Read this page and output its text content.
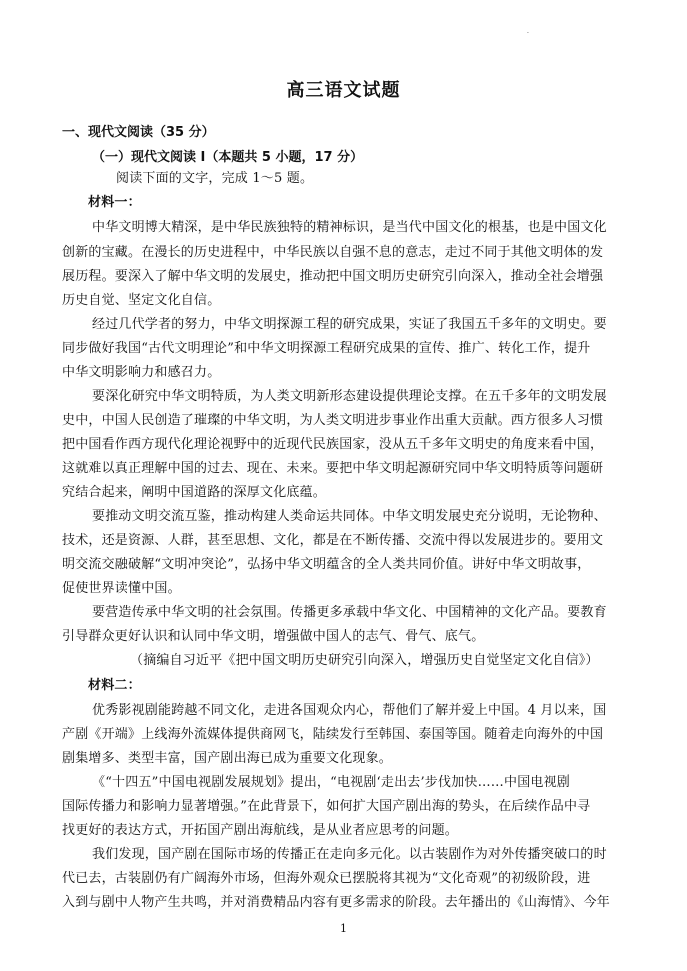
·
高三语文试题
一、现代文阅读（35 分）
（一）现代文阅读 I（本题共 5 小题，17 分）
阅读下面的文字，完成 1～5 题。
材料一：
中华文明博大精深，是中华民族独特的精神标识，是当代中国文化的根基，也是中国文化
创新的宝藏。在漫长的历史进程中，中华民族以自强不息的意志，走过不同于其他文明体的发
展历程。要深入了解中华文明的发展史，推动把中国文明历史研究引向深入，推动全社会增强
历史自觉、坚定文化自信。
经过几代学者的努力，中华文明探源工程的研究成果，实证了我国五千多年的文明史。要
同步做好我国“古代文明理论”和中华文明探源工程研究成果的宣传、推广、转化工作，提升
中华文明影响力和感召力。
要深化研究中华文明特质，为人类文明新形态建设提供理论支撑。在五千多年的文明发展
史中，中国人民创造了璀璨的中华文明，为人类文明进步事业作出重大贡献。西方很多人习惯
把中国看作西方现代化理论视野中的近现代民族国家，没从五千多年文明史的角度来看中国，
这就难以真正理解中国的过去、现在、未来。要把中华文明起源研究同中华文明特质等问题研
究结合起来，阐明中国道路的深厚文化底蕴。
要推动文明交流互鉴，推动构建人类命运共同体。中华文明发展史充分说明，无论物种、
技术，还是资源、人群，甚至思想、文化，都是在不断传播、交流中得以发展进步的。要用文
明交流交融破解“文明冲突论”，弘扬中华文明蕴含的全人类共同价值。讲好中华文明故事，
促使世界读懂中国。
要营造传承中华文明的社会氛围。传播更多承载中华文化、中国精神的文化产品。要教育
引导群众更好认识和认同中华文明，增强做中国人的志气、骨气、底气。
（摘编自习近平《把中国文明历史研究引向深入，增强历史自觉坚定文化自信》）
材料二：
优秀影视剧能跨越不同文化，走进各国观众内心，帮他们了解并爱上中国。4 月以来，国
产剧《开端》上线海外流媒体提供商网飞，陆续发行至韩国、泰国等国。随着走向海外的中国
剧集增多、类型丰富，国产剧出海已成为重要文化现象。
《“十四五”中国电视剧发展规划》提出，“电视剧‘走出去’步伐加快……中国电视剧
国际传播力和影响力显著增强。”在此背景下，如何扩大国产剧出海的势头，在后续作品中寻
找更好的表达方式，开拓国产剧出海航线，是从业者应思考的问题。
我们发现，国产剧在国际市场的传播正在走向多元化。以古装剧作为对外传播突破口的时
代已去，古装剧仍有广阔海外市场，但海外观众已摆脱将其视为“文化奇观”的初级阶段，进
入到与剧中人物产生共鸣，并对消费精品内容有更多需求的阶段。去年播出的《山海情》、今年
1
